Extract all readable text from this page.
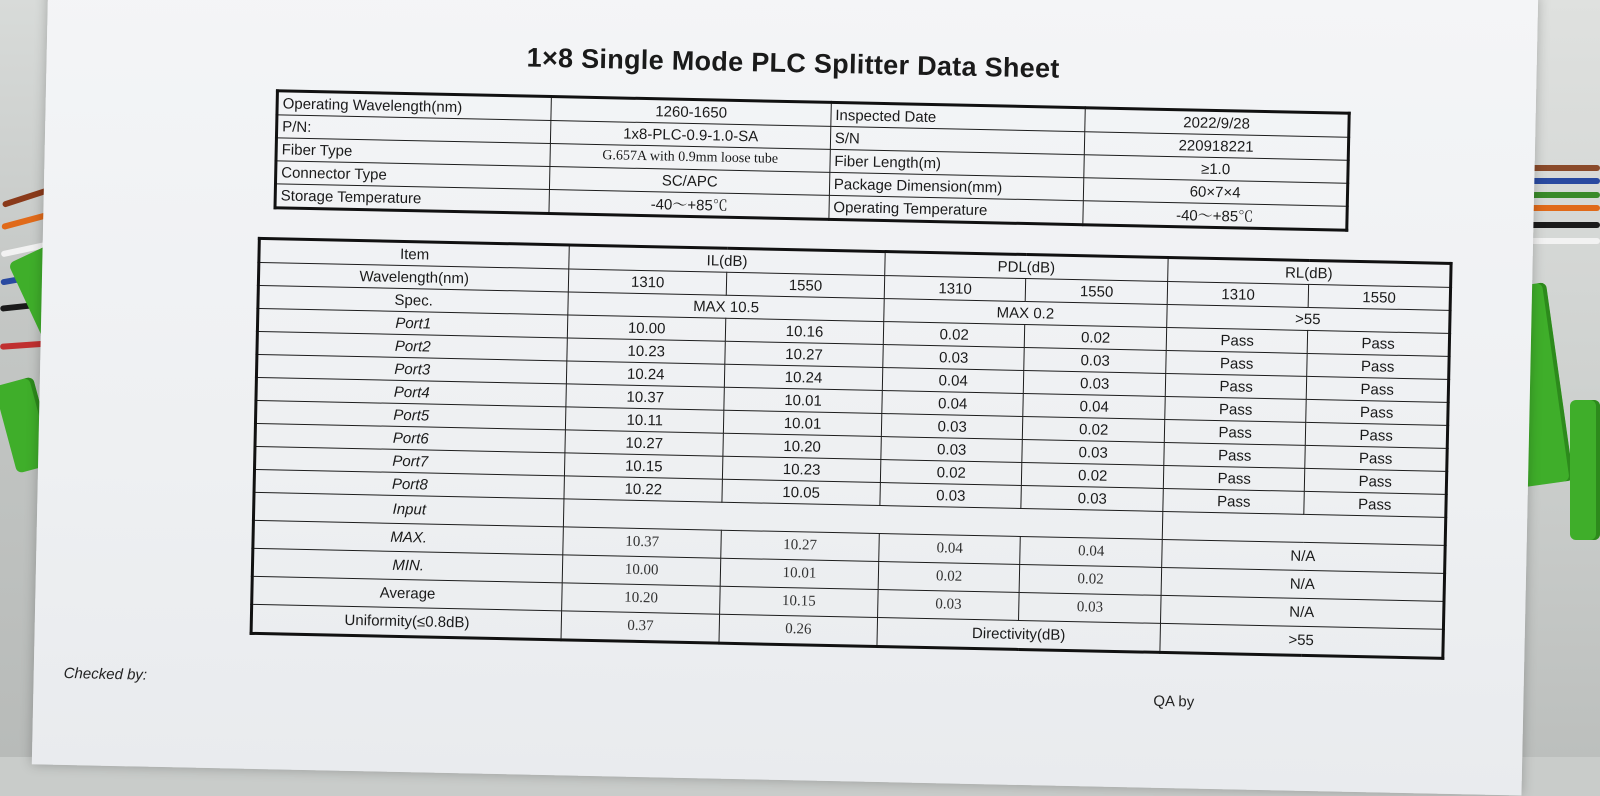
1×8 Single Mode PLC Splitter Data Sheet
Operating Wavelength(nm)	1260-1650	Inspected Date	2022/9/28
P/N:	1x8-PLC-0.9-1.0-SA	S/N	220918221
Fiber Type	G.657A with 0.9mm loose tube	Fiber Length(m)	≥1.0
Connector Type	SC/APC	Package Dimension(mm)	60×7×4
Storage Temperature	-40～+85℃	Operating Temperature	-40～+85℃
Item	IL(dB)		PDL(dB)		RL(dB)	
Wavelength(nm)	1310	1550	1310	1550	1310	1550
Spec.	MAX 10.5		MAX 0.2		>55	
Port1	10.00	10.16	0.02	0.02	Pass	Pass
Port2	10.23	10.27	0.03	0.03	Pass	Pass
Port3	10.24	10.24	0.04	0.03	Pass	Pass
Port4	10.37	10.01	0.04	0.04	Pass	Pass
Port5	10.11	10.01	0.03	0.02	Pass	Pass
Port6	10.27	10.20	0.03	0.03	Pass	Pass
Port7	10.15	10.23	0.02	0.02	Pass	Pass
Port8	10.22	10.05	0.03	0.03	Pass	Pass
Input						
MAX.	10.37	10.27	0.04	0.04	N/A	
MIN.	10.00	10.01	0.02	0.02	N/A	
Average	10.20	10.15	0.03	0.03	N/A	
Uniformity(≤0.8dB)	0.37	0.26	Directivity(dB)		>55	
Checked by:
QA by
